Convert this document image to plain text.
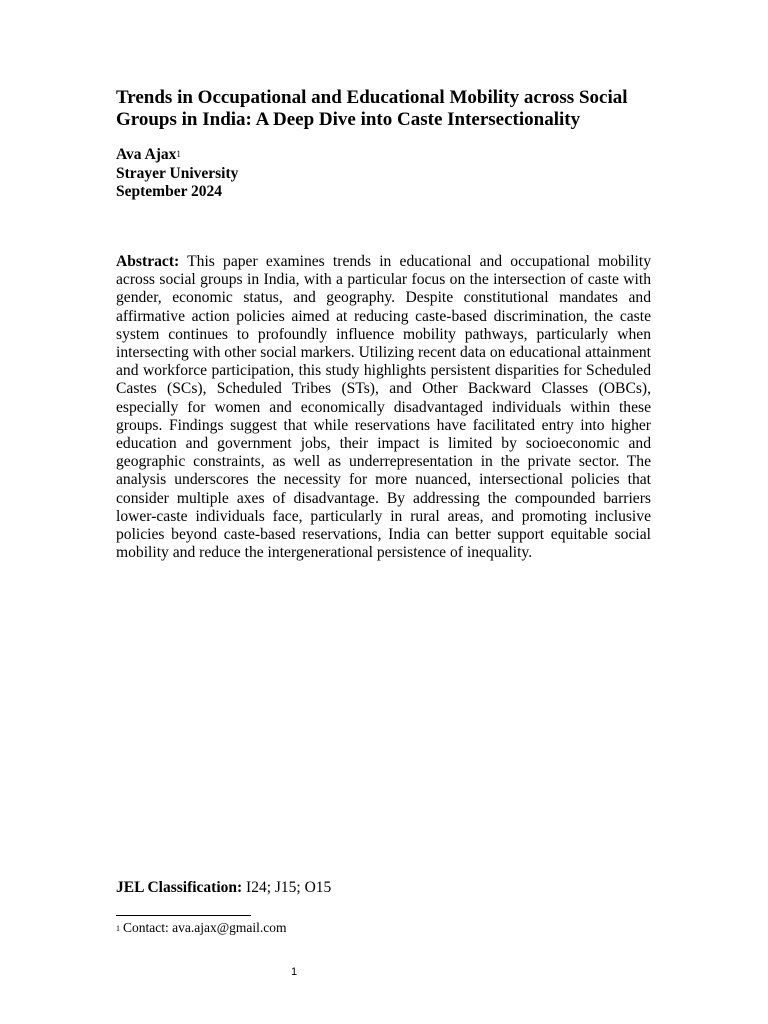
Trends in Occupational and Educational Mobility across Social Groups in India: A Deep Dive into Caste Intersectionality
Ava Ajax$^1$
Strayer University
September 2024

Abstract: This paper examines trends in educational and occupational mobility across social groups in India, with a particular focus on the intersection of caste with gender, economic status, and geography. Despite constitutional mandates and affirmative action policies aimed at reducing caste-based discrimination, the caste system continues to profoundly influence mobility pathways, particularly when intersecting with other social markers. Utilizing recent data on educational attainment and workforce participation, this study highlights persistent disparities for Scheduled Castes (SCs), Scheduled Tribes (STs), and Other Backward Classes (OBCs), especially for women and economically disadvantaged individuals within these groups. Findings suggest that while reservations have facilitated entry into higher education and government jobs, their impact is limited by socioeconomic and geographic constraints, as well as underrepresentation in the private sector. The analysis underscores the necessity for more nuanced, intersectional policies that consider multiple axes of disadvantage. By addressing the compounded barriers lower-caste individuals face, particularly in rural areas, and promoting inclusive policies beyond caste-based reservations, India can better support equitable social mobility and reduce the intergenerational persistence of inequality.

JEL Classification: I24; J15; O15
$^1$ Contact: ava.ajax@gmail.com
1
